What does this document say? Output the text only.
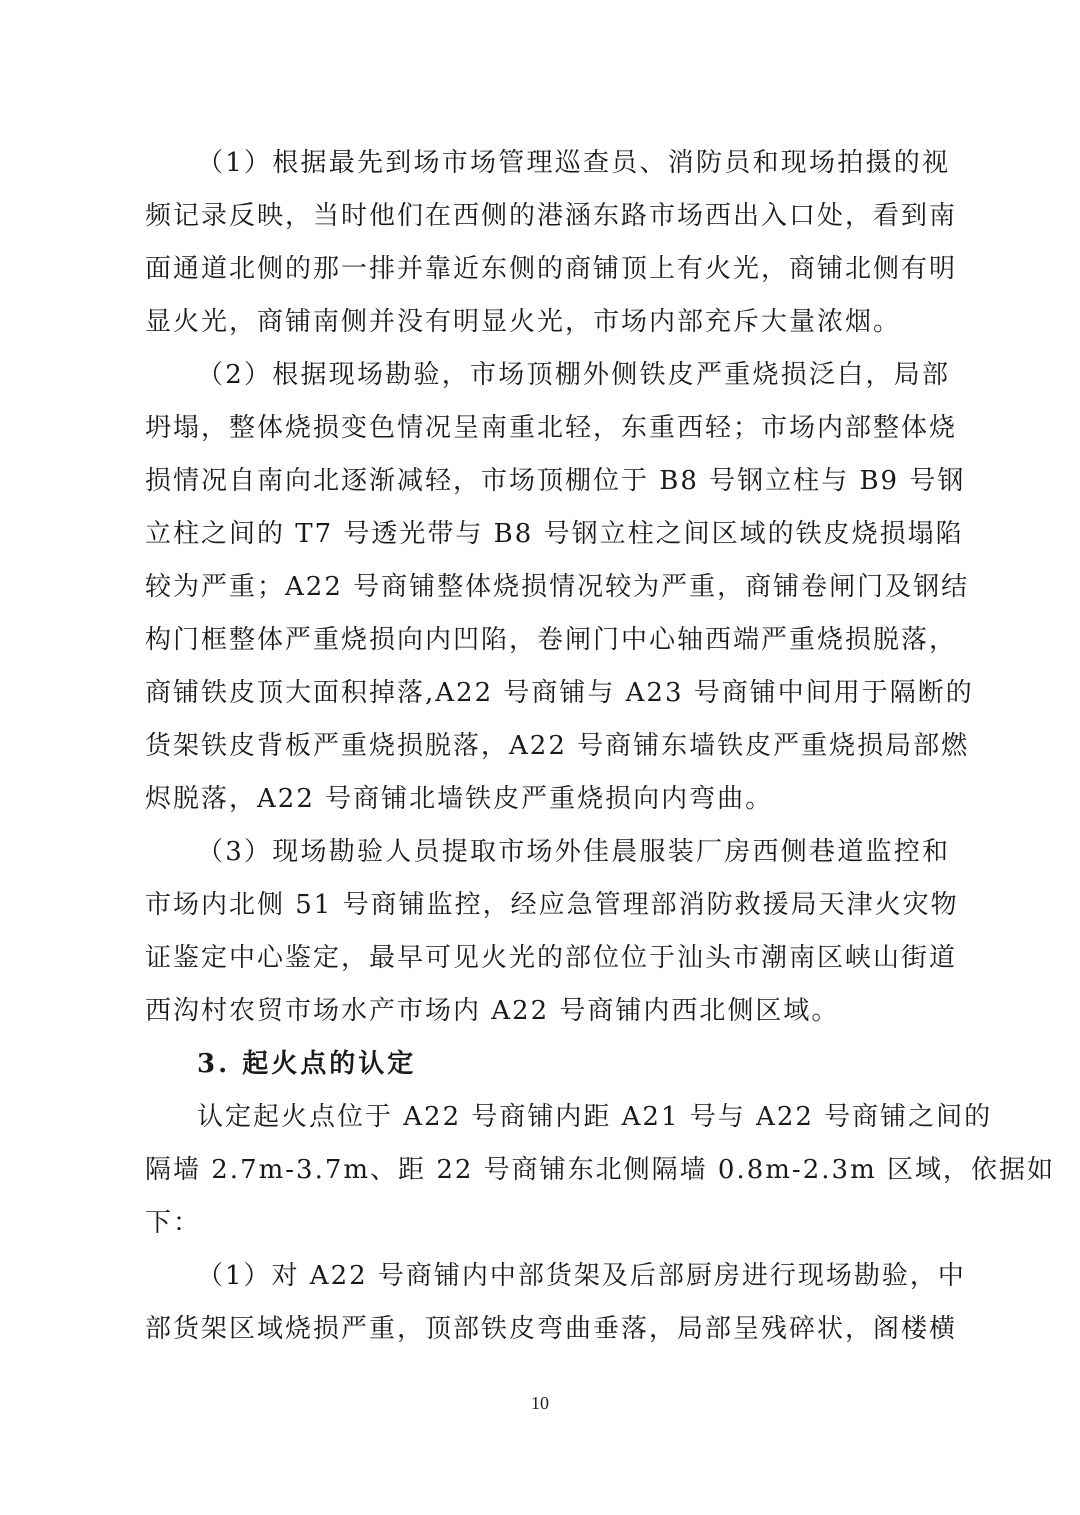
（1）根据最先到场市场管理巡查员、消防员和现场拍摄的视
频记录反映，当时他们在西侧的港涵东路市场西出入口处，看到南
面通道北侧的那一排并靠近东侧的商铺顶上有火光，商铺北侧有明
显火光，商铺南侧并没有明显火光，市场内部充斥大量浓烟。
（2）根据现场勘验，市场顶棚外侧铁皮严重烧损泛白，局部
坍塌，整体烧损变色情况呈南重北轻，东重西轻；市场内部整体烧
损情况自南向北逐渐减轻，市场顶棚位于 B8 号钢立柱与 B9 号钢
立柱之间的 T7 号透光带与 B8 号钢立柱之间区域的铁皮烧损塌陷
较为严重；A22 号商铺整体烧损情况较为严重，商铺卷闸门及钢结
构门框整体严重烧损向内凹陷，卷闸门中心轴西端严重烧损脱落，
商铺铁皮顶大面积掉落,A22 号商铺与 A23 号商铺中间用于隔断的
货架铁皮背板严重烧损脱落，A22 号商铺东墙铁皮严重烧损局部燃
烬脱落，A22 号商铺北墙铁皮严重烧损向内弯曲。
（3）现场勘验人员提取市场外佳晨服装厂房西侧巷道监控和
市场内北侧 51 号商铺监控，经应急管理部消防救援局天津火灾物
证鉴定中心鉴定，最早可见火光的部位位于汕头市潮南区峡山街道
西沟村农贸市场水产市场内 A22 号商铺内西北侧区域。
3. 起火点的认定
认定起火点位于 A22 号商铺内距 A21 号与 A22 号商铺之间的
隔墙 2.7m-3.7m、距 22 号商铺东北侧隔墙 0.8m-2.3m 区域，依据如
下：
（1）对 A22 号商铺内中部货架及后部厨房进行现场勘验，中
部货架区域烧损严重，顶部铁皮弯曲垂落，局部呈残碎状，阁楼横
10
